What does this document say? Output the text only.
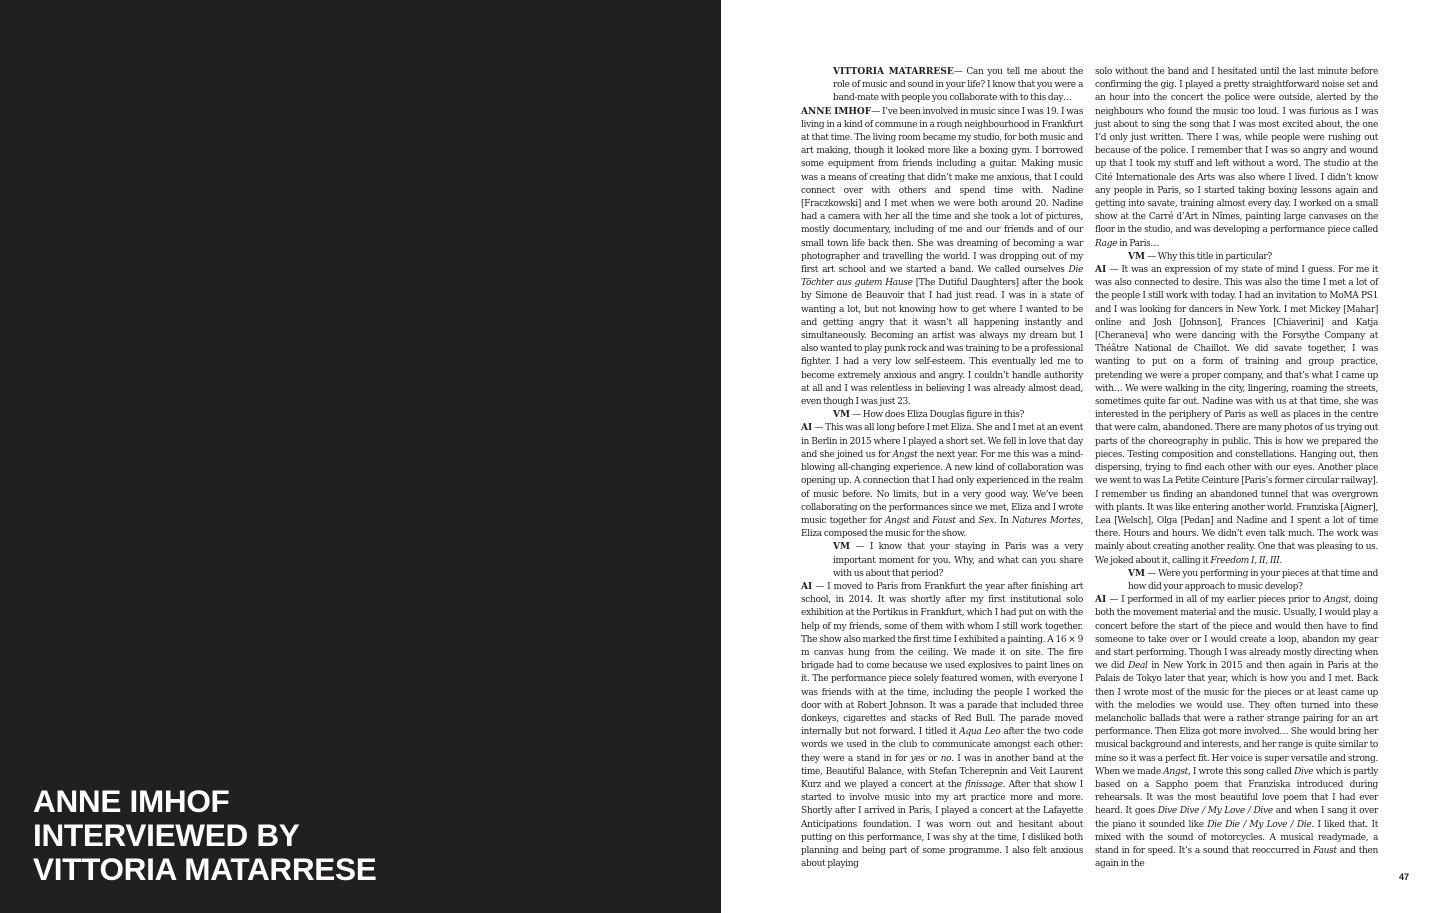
ANNE IMHOF
INTERVIEWED BY
VITTORIA MATARRESE

VITTORIA MATARRESE— Can you tell me about the role of music and sound in your life? I know that you were a band-mate with people you collaborate with to this day…

ANNE IMHOF— I’ve been involved in music since I was 19. I was living in a kind of commune in a rough neighbourhood in Frankfurt at that time. The living room became my studio, for both music and art making, though it looked more like a boxing gym. I borrowed some equipment from friends including a guitar. Making music was a means of creating that didn’t make me anxious, that I could connect over with others and spend time with. Nadine [Fraczkowski] and I met when we were both around 20. Nadine had a camera with her all the time and she took a lot of pictures, mostly documentary, including of me and our friends and of our small town life back then. She was dreaming of becoming a war photographer and travelling the world. I was dropping out of my first art school and we started a band. We called ourselves Die Töchter aus gutem Hause [The Dutiful Daughters] after the book by Simone de Beauvoir that I had just read. I was in a state of wanting a lot, but not knowing how to get where I wanted to be and getting angry that it wasn’t all happening instantly and simultaneously. Becoming an artist was always my dream but I also wanted to play punk rock and was training to be a professional fighter. I had a very low self-esteem. This eventually led me to become extremely anxious and angry. I couldn’t handle authority at all and I was relentless in believing I was already almost dead, even though I was just 23.

VM — How does Eliza Douglas figure in this?

AI — This was all long before I met Eliza. She and I met at an event in Berlin in 2015 where I played a short set. We fell in love that day and she joined us for Angst the next year. For me this was a mind-blowing all-changing experience. A new kind of collaboration was opening up. A connection that I had only experienced in the realm of music before. No limits, but in a very good way. We’ve been collaborating on the performances since we met, Eliza and I wrote music together for Angst and Faust and Sex. In Natures Mortes, Eliza composed the music for the show.

VM — I know that your staying in Paris was a very important moment for you. Why, and what can you share with us about that period?

AI — I moved to Paris from Frankfurt the year after finishing art school, in 2014. It was shortly after my first institutional solo exhibition at the Portikus in Frankfurt, which I had put on with the help of my friends, some of them with whom I still work together. The show also marked the first time I exhibited a painting. A 16 × 9 m canvas hung from the ceiling. We made it on site. The fire brigade had to come because we used explosives to paint lines on it. The performance piece solely featured women, with everyone I was friends with at the time, including the people I worked the door with at Robert Johnson. It was a parade that included three donkeys, cigarettes and stacks of Red Bull. The parade moved internally but not forward. I titled it Aqua Leo after the two code words we used in the club to communicate amongst each other: they were a stand in for yes or no. I was in another band at the time, Beautiful Balance, with Stefan Tcherepnin and Veit Laurent Kurz and we played a concert at the finissage. After that show I started to involve music into my art practice more and more. Shortly after I arrived in Paris, I played a concert at the Lafayette Anticipations foundation. I was worn out and hesitant about putting on this performance, I was shy at the time, I disliked both planning and being part of some programme. I also felt anxious about playing

solo without the band and I hesitated until the last minute before confirming the gig. I played a pretty straightforward noise set and an hour into the concert the police were outside, alerted by the neighbours who found the music too loud. I was furious as I was just about to sing the song that I was most excited about, the one I’d only just written. There I was, while people were rushing out because of the police. I remember that I was so angry and wound up that I took my stuff and left without a word. The studio at the Cité Internationale des Arts was also where I lived. I didn’t know any people in Paris, so I started taking boxing lessons again and getting into savate, training almost every day. I worked on a small show at the Carré d’Art in Nîmes, painting large canvases on the floor in the studio, and was developing a performance piece called Rage in Paris…

VM — Why this title in particular?

AI — It was an expression of my state of mind I guess. For me it was also connected to desire. This was also the time I met a lot of the people I still work with today. I had an invitation to MoMA PS1 and I was looking for dancers in New York. I met Mickey [Mahar] online and Josh [Johnson], Frances [Chiaverini] and Katja [Cheraneva] who were dancing with the Forsythe Company at Théâtre National de Chaillot. We did savate together, I was wanting to put on a form of training and group practice, pretending we were a proper company, and that’s what I came up with… We were walking in the city, lingering, roaming the streets, sometimes quite far out. Nadine was with us at that time, she was interested in the periphery of Paris as well as places in the centre that were calm, abandoned. There are many photos of us trying out parts of the choreography in public. This is how we prepared the pieces. Testing composition and constellations. Hanging out, then dispersing, trying to find each other with our eyes. Another place we went to was La Petite Ceinture [Paris’s former circular railway]. I remember us finding an abandoned tunnel that was overgrown with plants. It was like entering another world. Franziska [Aigner], Lea [Welsch], Olga [Pedan] and Nadine and I spent a lot of time there. Hours and hours. We didn’t even talk much. The work was mainly about creating another reality. One that was pleasing to us. We joked about it, calling it Freedom I, II, III.

VM — Were you performing in your pieces at that time and how did your approach to music develop?

AI — I performed in all of my earlier pieces prior to Angst, doing both the movement material and the music. Usually, I would play a concert before the start of the piece and would then have to find someone to take over or I would create a loop, abandon my gear and start performing. Though I was already mostly directing when we did Deal in New York in 2015 and then again in Paris at the Palais de Tokyo later that year, which is how you and I met. Back then I wrote most of the music for the pieces or at least came up with the melodies we would use. They often turned into these melancholic ballads that were a rather strange pairing for an art performance. Then Eliza got more involved… She would bring her musical background and interests, and her range is quite similar to mine so it was a perfect fit. Her voice is super versatile and strong. When we made Angst, I wrote this song called Dive which is partly based on a Sappho poem that Franziska introduced during rehearsals. It was the most beautiful love poem that I had ever heard. It goes Dive Dive / My Love / Dive and when I sang it over the piano it sounded like Die Die / My Love / Die. I liked that. It mixed with the sound of motorcycles. A musical readymade, a stand in for speed. It’s a sound that reoccurred in Faust and then again in the

47
